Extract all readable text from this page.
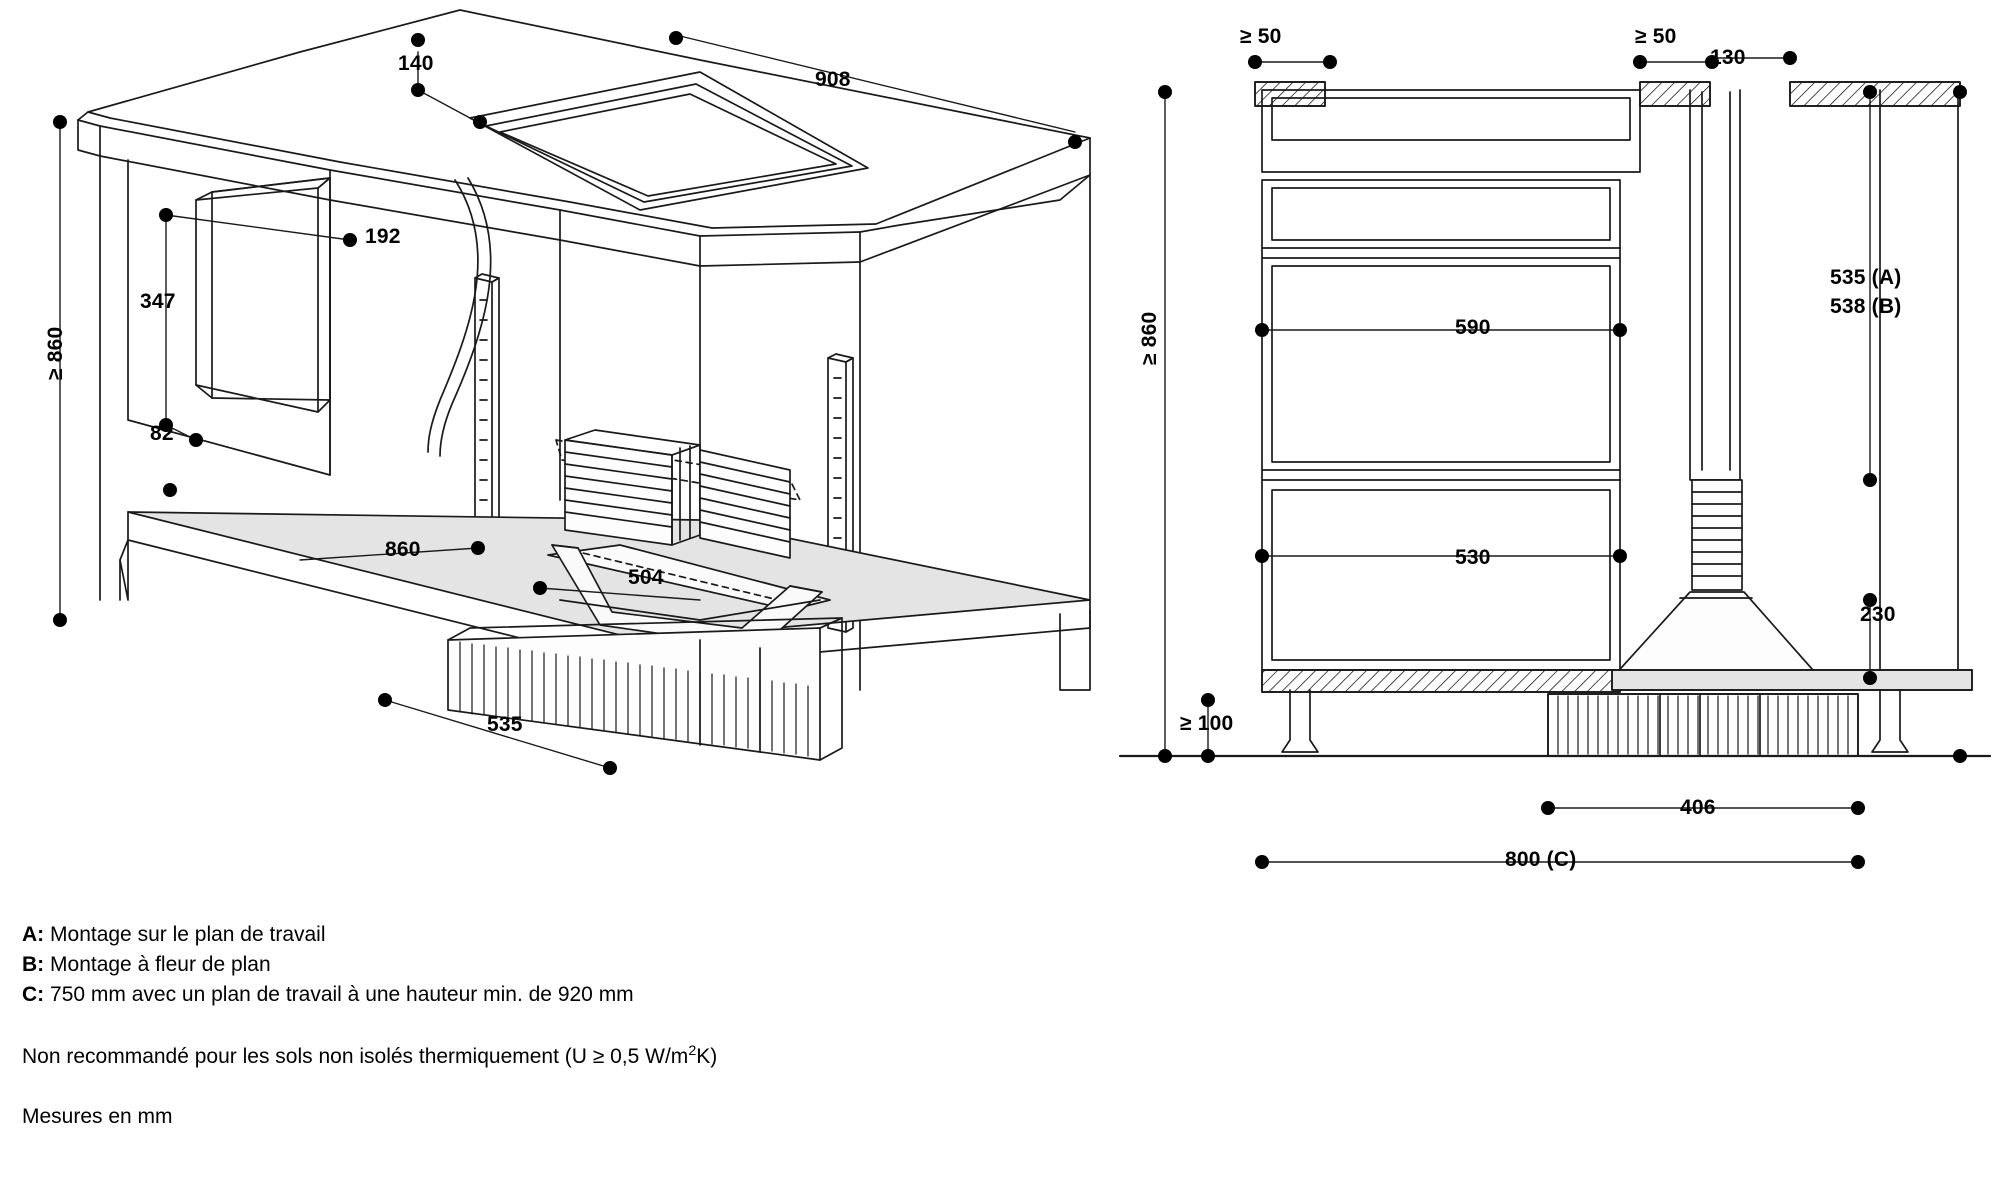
140
908
192
347
82
≥ 860
860
504
535
≥ 50	≥ 50
130
535 (A)
538 (B)
≥ 860	590
530
230
≥ 100
406
800 (C)
A: Montage sur le plan de travail
B: Montage à fleur de plan
C: 750 mm avec un plan de travail à une hauteur min. de 920 mm
Non recommandé pour les sols non isolés thermiquement (U ≥ 0,5 $W/m^2K$)
Mesures en mm
